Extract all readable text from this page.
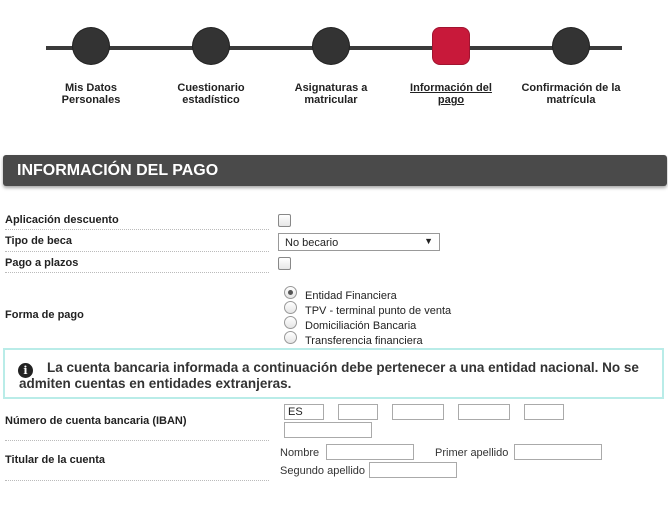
Mis Datos Personales
Cuestionario estadístico
Asignaturas a matricular
Información del pago
Confirmación de la matrícula
INFORMACIÓN DEL PAGO
Aplicación descuento
Tipo de beca	No becario	▼
Pago a plazos
Forma de pago
Entidad Financiera
TPV - terminal punto de venta
Domiciliación Bancaria
Transferencia financiera
i	La cuenta bancaria informada a continuación debe pertenecer a una entidad nacional. No se admiten cuentas en entidades extranjeras.
Número de cuenta bancaria (IBAN)
ES
Titular de la cuenta
Nombre	Primer apellido
Segundo apellido
